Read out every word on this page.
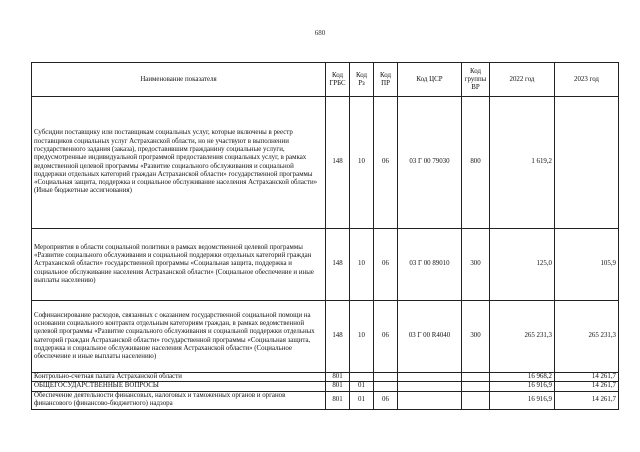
680
Наименование показателя	Код ГРБС	Код Рз	Код ПР	Код ЦСР	Код группы ВР	2022 год	2023 год
Субсидии поставщику или поставщикам социальных услуг, которые включены в реестр поставщиков социальных услуг Астраханской области, но не участвуют в выполнении государственного задания (заказа), предоставившим гражданину социальные услуги, предусмотренные индивидуальной программой предоставления социальных услуг, в рамках ведомственной целевой программы «Развитие социального обслуживания и социальной поддержки отдельных категорий граждан Астраханской области» государственной программы «Социальная защита, поддержка и социальное обслуживание населения Астраханской области» (Иные бюджетные ассигнования)	148	10	06	03 Г 00 79030	800	1 619,2	
Мероприятия в области социальной политики в рамках ведомственной целевой программы «Развитие социального обслуживания и социальной поддержки отдельных категорий граждан Астраханской области» государственной программы «Социальная защита, поддержка и социальное обслуживание населения Астраханской области» (Социальное обеспечение и иные выплаты населению)	148	10	06	03 Г 00 89010	300	125,0	105,9
Софинансирование расходов, связанных с оказанием государственной социальной помощи на основании социального контракта отдельным категориям граждан, в рамках ведомственной целевой программы «Развитие социального обслуживания и социальной поддержки отдельных категорий граждан Астраханской области» государственной программы «Социальная защита, поддержка и социальное обслуживание населения Астраханской области» (Социальное обеспечение и иные выплаты населению)	148	10	06	03 Г 00 R4040	300	265 231,3	265 231,3
Контрольно-счетная палата Астраханской области	801					16 968,2	14 261,7
ОБЩЕГОСУДАРСТВЕННЫЕ ВОПРОСЫ	801	01				16 916,9	14 261,7
Обеспечение деятельности финансовых, налоговых и таможенных органов и органов финансового (финансово-бюджетного) надзора	801	01	06			16 916,9	14 261,7
